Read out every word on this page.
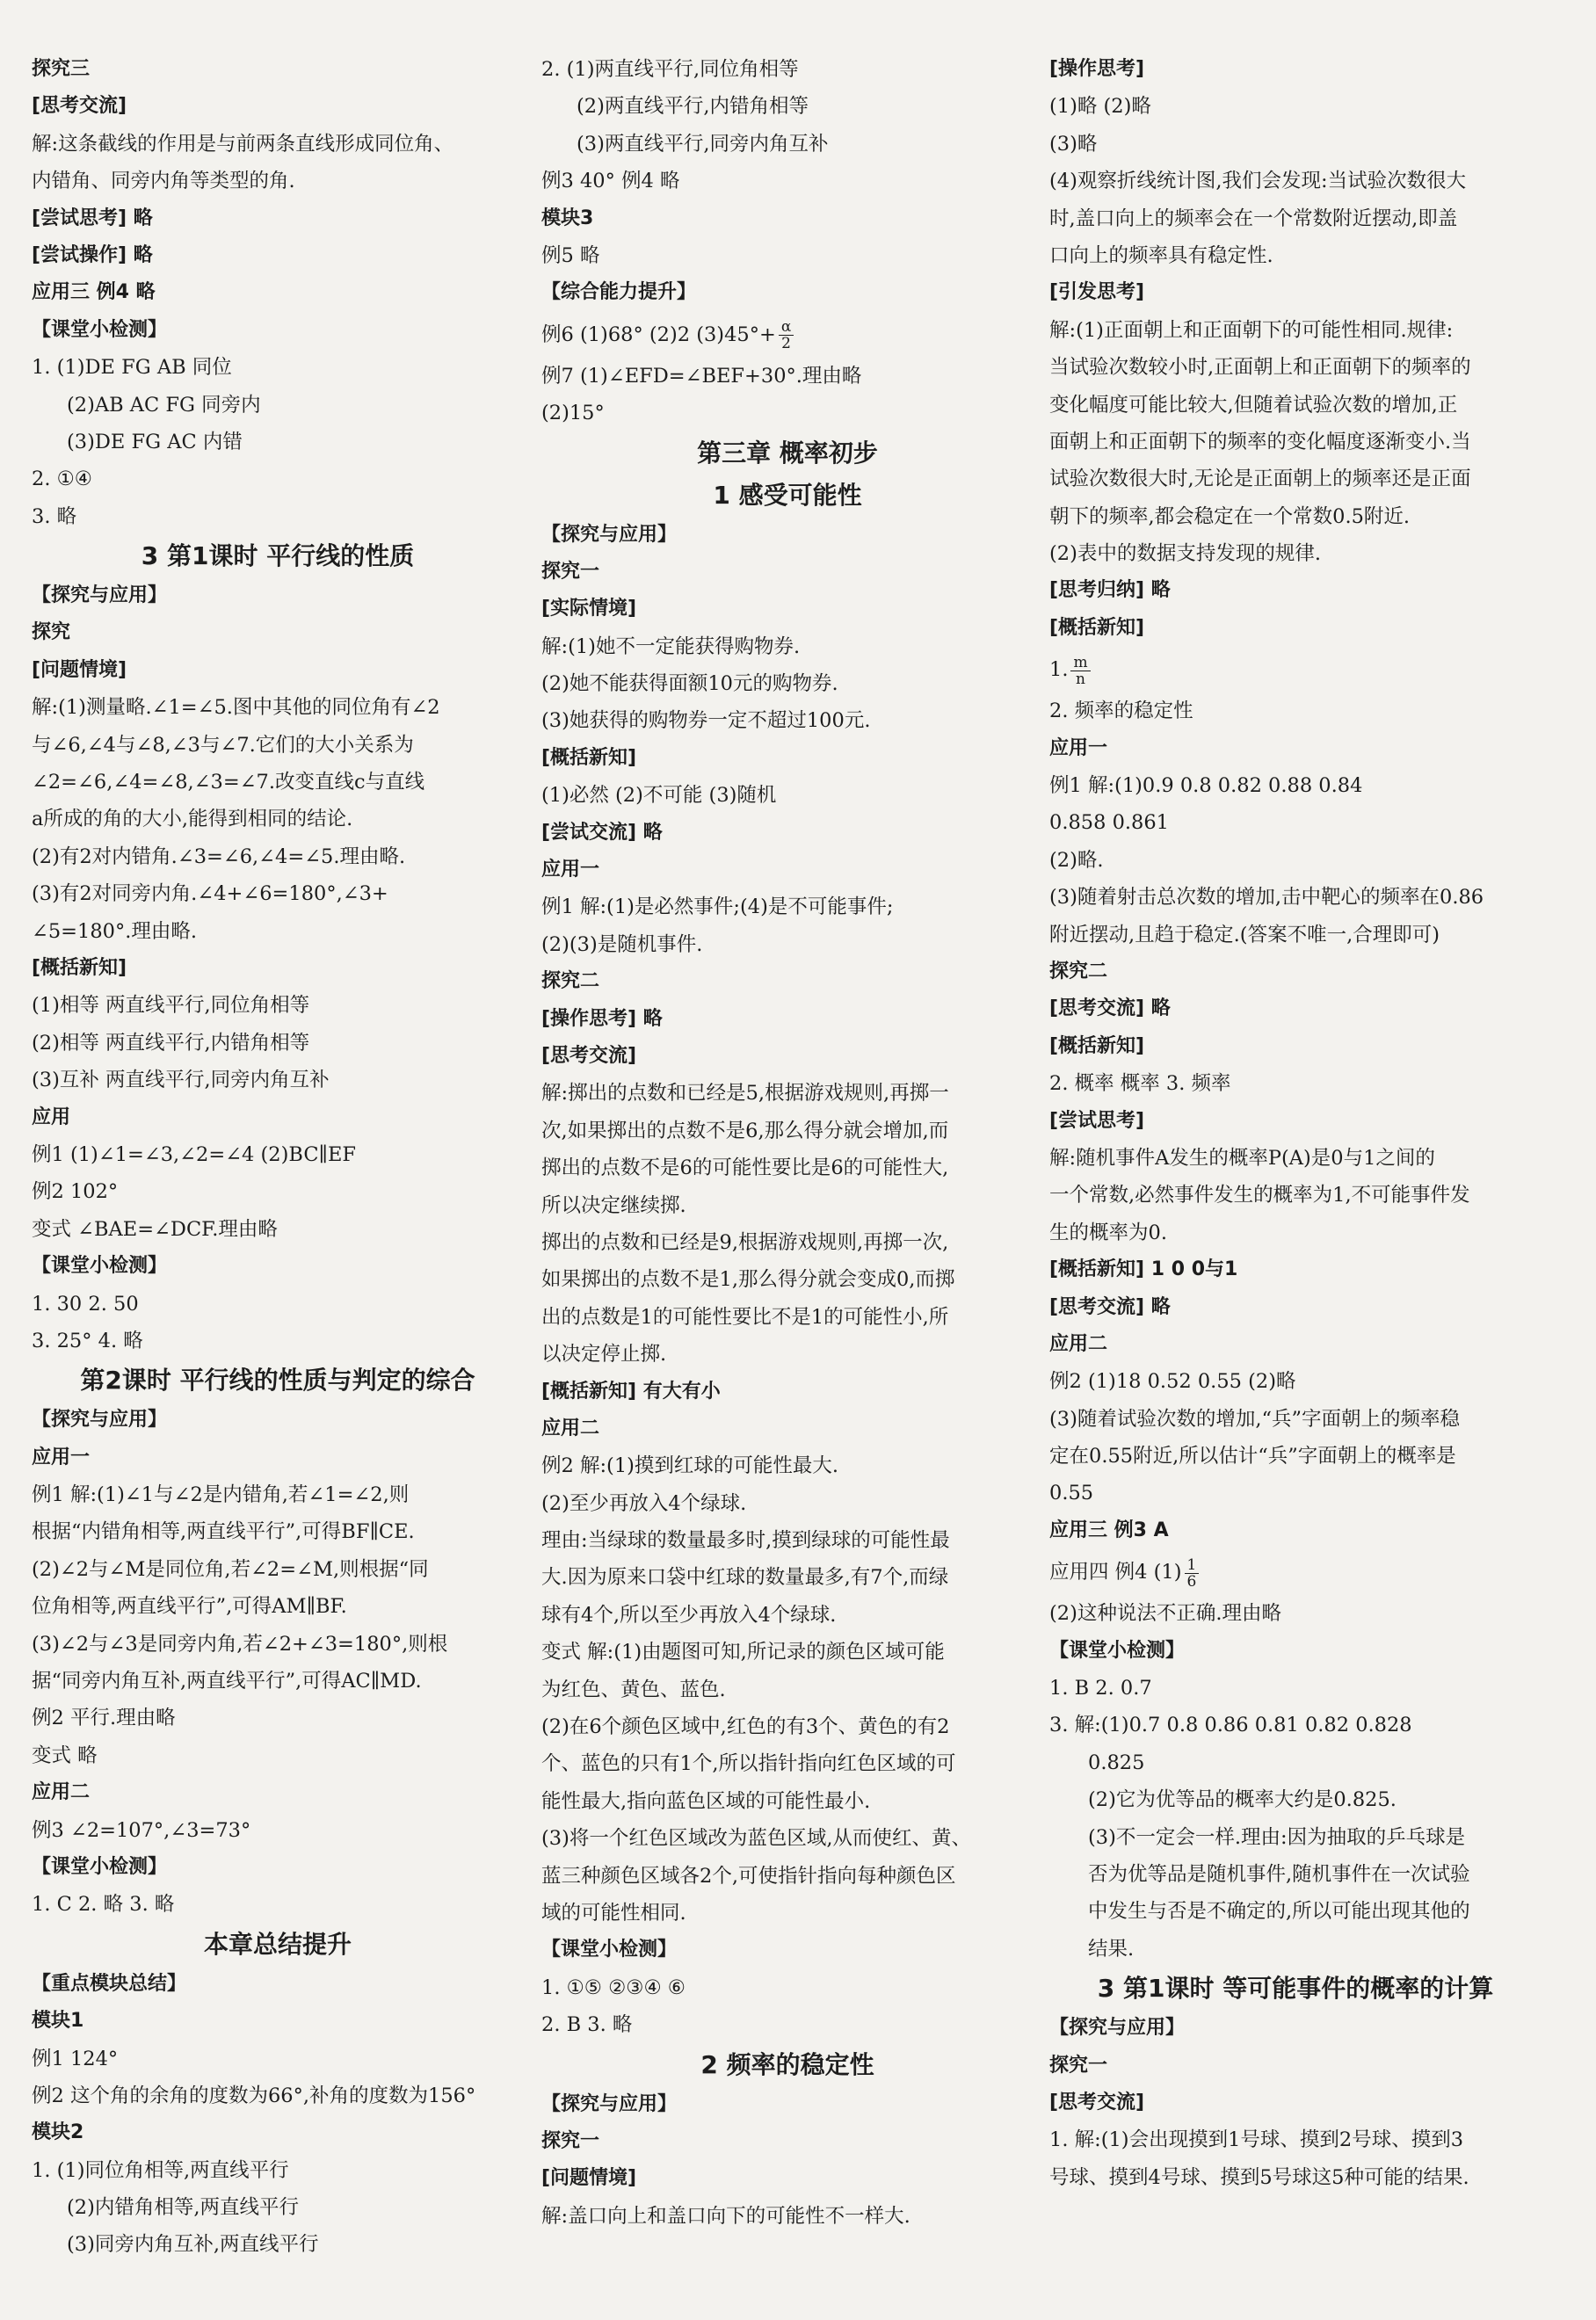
探究三
[思考交流]
解:这条截线的作用是与前两条直线形成同位角、
内错角、同旁内角等类型的角.
[尝试思考] 略
[尝试操作] 略
应用三 例4 略
【课堂小检测】
1. (1)DE FG AB 同位
(2)AB AC FG 同旁内
(3)DE FG AC 内错
2. ①④
3. 略
3 第1课时 平行线的性质
【探究与应用】
探究
[问题情境]
解:(1)测量略.∠1=∠5.图中其他的同位角有∠2
与∠6,∠4与∠8,∠3与∠7.它们的大小关系为
∠2=∠6,∠4=∠8,∠3=∠7.改变直线c与直线
a所成的角的大小,能得到相同的结论.
(2)有2对内错角.∠3=∠6,∠4=∠5.理由略.
(3)有2对同旁内角.∠4+∠6=180°,∠3+
∠5=180°.理由略.
[概括新知]
(1)相等 两直线平行,同位角相等
(2)相等 两直线平行,内错角相等
(3)互补 两直线平行,同旁内角互补
应用
例1 (1)∠1=∠3,∠2=∠4 (2)BC∥EF
例2 102°
变式 ∠BAE=∠DCF.理由略
【课堂小检测】
1. 30 2. 50
3. 25° 4. 略
第2课时 平行线的性质与判定的综合
【探究与应用】
应用一
例1 解:(1)∠1与∠2是内错角,若∠1=∠2,则
根据“内错角相等,两直线平行”,可得BF∥CE.
(2)∠2与∠M是同位角,若∠2=∠M,则根据“同
位角相等,两直线平行”,可得AM∥BF.
(3)∠2与∠3是同旁内角,若∠2+∠3=180°,则根
据“同旁内角互补,两直线平行”,可得AC∥MD.
例2 平行.理由略
变式 略
应用二
例3 ∠2=107°,∠3=73°
【课堂小检测】
1. C 2. 略 3. 略
本章总结提升
【重点模块总结】
模块1
例1 124°
例2 这个角的余角的度数为66°,补角的度数为156°
模块2
1. (1)同位角相等,两直线平行
(2)内错角相等,两直线平行
(3)同旁内角互补,两直线平行
2. (1)两直线平行,同位角相等
(2)两直线平行,内错角相等
(3)两直线平行,同旁内角互补
例3 40° 例4 略
模块3
例5 略
【综合能力提升】
例6 (1)68° (2)2 $(3)45^\circ+ \frac{\alpha}{2}$
例7 (1)∠EFD=∠BEF+30°.理由略
(2)15°
第三章 概率初步
1 感受可能性
【探究与应用】
探究一
[实际情境]
解:(1)她不一定能获得购物券.
(2)她不能获得面额10元的购物券.
(3)她获得的购物券一定不超过100元.
[概括新知]
(1)必然 (2)不可能 (3)随机
[尝试交流] 略
应用一
例1 解:(1)是必然事件;(4)是不可能事件;
(2)(3)是随机事件.
探究二
[操作思考] 略
[思考交流]
解:掷出的点数和已经是5,根据游戏规则,再掷一
次,如果掷出的点数不是6,那么得分就会增加,而
掷出的点数不是6的可能性要比是6的可能性大,
所以决定继续掷.
掷出的点数和已经是9,根据游戏规则,再掷一次,
如果掷出的点数不是1,那么得分就会变成0,而掷
出的点数是1的可能性要比不是1的可能性小,所
以决定停止掷.
[概括新知] 有大有小
应用二
例2 解:(1)摸到红球的可能性最大.
(2)至少再放入4个绿球.
理由:当绿球的数量最多时,摸到绿球的可能性最
大.因为原来口袋中红球的数量最多,有7个,而绿
球有4个,所以至少再放入4个绿球.
变式 解:(1)由题图可知,所记录的颜色区域可能
为红色、黄色、蓝色.
(2)在6个颜色区域中,红色的有3个、黄色的有2
个、蓝色的只有1个,所以指针指向红色区域的可
能性最大,指向蓝色区域的可能性最小.
(3)将一个红色区域改为蓝色区域,从而使红、黄、
蓝三种颜色区域各2个,可使指针指向每种颜色区
域的可能性相同.
【课堂小检测】
1. ①⑤ ②③④ ⑥
2. B 3. 略
2 频率的稳定性
【探究与应用】
探究一
[问题情境]
解:盖口向上和盖口向下的可能性不一样大.
[操作思考]
(1)略 (2)略
(3)略
(4)观察折线统计图,我们会发现:当试验次数很大
时,盖口向上的频率会在一个常数附近摆动,即盖
口向上的频率具有稳定性.
[引发思考]
解:(1)正面朝上和正面朝下的可能性相同.规律:
当试验次数较小时,正面朝上和正面朝下的频率的
变化幅度可能比较大,但随着试验次数的增加,正
面朝上和正面朝下的频率的变化幅度逐渐变小.当
试验次数很大时,无论是正面朝上的频率还是正面
朝下的频率,都会稳定在一个常数0.5附近.
(2)表中的数据支持发现的规律.
[思考归纳] 略
[概括新知]
1. $\frac{m}{n}$
2. 频率的稳定性
应用一
例1 解:(1)0.9 0.8 0.82 0.88 0.84
0.858 0.861
(2)略.
(3)随着射击总次数的增加,击中靶心的频率在0.86
附近摆动,且趋于稳定.(答案不唯一,合理即可)
探究二
[思考交流] 略
[概括新知]
2. 概率 概率 3. 频率
[尝试思考]
解:随机事件A发生的概率P(A)是0与1之间的
一个常数,必然事件发生的概率为1,不可能事件发
生的概率为0.
[概括新知] 1 0 0与1
[思考交流] 略
应用二
例2 (1)18 0.52 0.55 (2)略
(3)随着试验次数的增加,“兵”字面朝上的频率稳
定在0.55附近,所以估计“兵”字面朝上的概率是
0.55
应用三 例3 A
应用四 例4 $(1) \frac{1}{6}$
(2)这种说法不正确.理由略
【课堂小检测】
1. B 2. 0.7
3. 解:(1)0.7 0.8 0.86 0.81 0.82 0.828
0.825
(2)它为优等品的概率大约是0.825.
(3)不一定会一样.理由:因为抽取的乒乓球是
否为优等品是随机事件,随机事件在一次试验
中发生与否是不确定的,所以可能出现其他的
结果.
3 第1课时 等可能事件的概率的计算
【探究与应用】
探究一
[思考交流]
1. 解:(1)会出现摸到1号球、摸到2号球、摸到3
号球、摸到4号球、摸到5号球这5种可能的结果.
